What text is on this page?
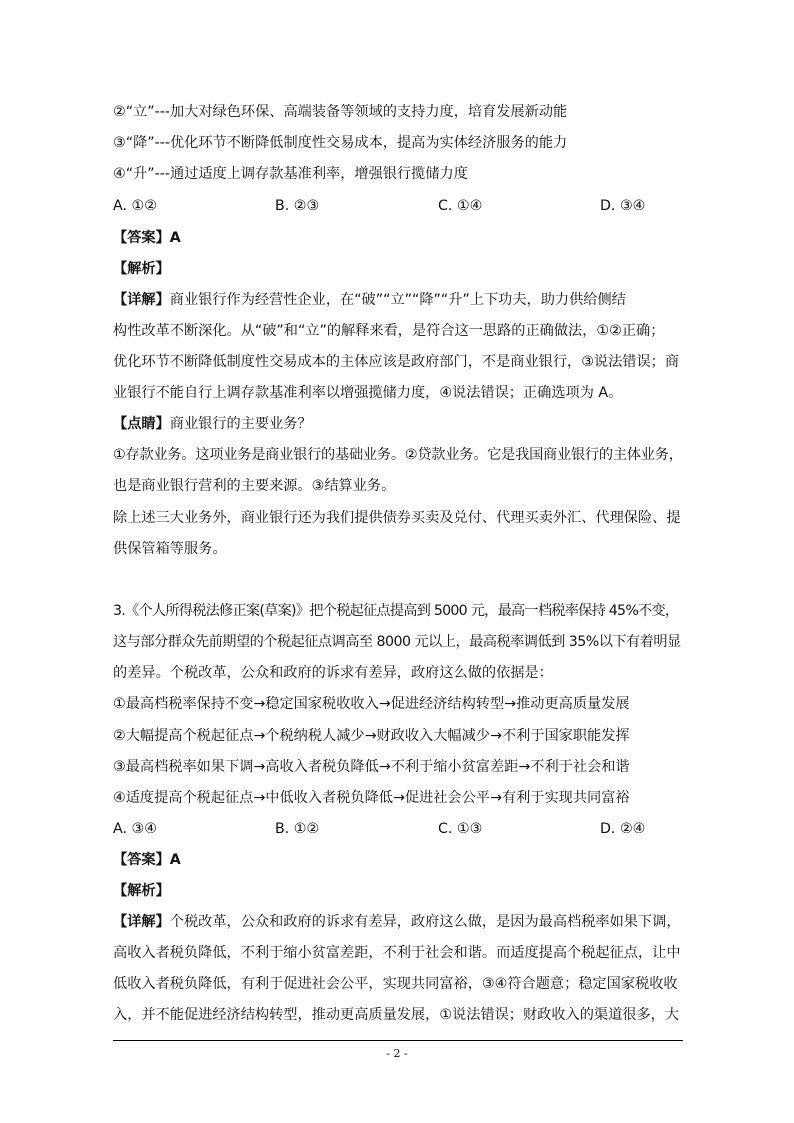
②“立”---加大对绿色环保、高端装备等领域的支持力度，培育发展新动能
③“降”---优化环节不断降低制度性交易成本，提高为实体经济服务的能力
④“升”---通过适度上调存款基准利率，增强银行揽储力度
A. ①②	B. ②③	C. ①④	D. ③④
【答案】A
【解析】
【详解】商业银行作为经营性企业，在“破”“立”“降”“升”上下功夫，助力供给侧结
构性改革不断深化。从“破”和“立”的解释来看，是符合这一思路的正确做法，①②正确；
优化环节不断降低制度性交易成本的主体应该是政府部门，不是商业银行，③说法错误；商
业银行不能自行上调存款基准利率以增强揽储力度，④说法错误；正确选项为 A。
【点睛】商业银行的主要业务？
①存款业务。这项业务是商业银行的基础业务。②贷款业务。它是我国商业银行的主体业务，
也是商业银行营利的主要来源。③结算业务。
除上述三大业务外，商业银行还为我们提供债券买卖及兑付、代理买卖外汇、代理保险、提
供保管箱等服务。
3.《个人所得税法修正案(草案)》把个税起征点提高到 5000 元，最高一档税率保持 45%不变，
这与部分群众先前期望的个税起征点调高至 8000 元以上，最高税率调低到 35%以下有着明显
的差异。个税改革，公众和政府的诉求有差异，政府这么做的依据是：
①最高档税率保持不变→稳定国家税收收入→促进经济结构转型→推动更高质量发展
②大幅提高个税起征点→个税纳税人减少→财政收入大幅减少→不利于国家职能发挥
③最高档税率如果下调→高收入者税负降低→不利于缩小贫富差距→不利于社会和谐
④适度提高个税起征点→中低收入者税负降低→促进社会公平→有利于实现共同富裕
A. ③④	B. ①②	C. ①③	D. ②④
【答案】A
【解析】
【详解】个税改革，公众和政府的诉求有差异，政府这么做，是因为最高档税率如果下调，
高收入者税负降低，不利于缩小贫富差距，不利于社会和谐。而适度提高个税起征点，让中
低收入者税负降低，有利于促进社会公平，实现共同富裕，③④符合题意；稳定国家税收收
入，并不能促进经济结构转型，推动更高质量发展，①说法错误；财政收入的渠道很多，大
- 2 -
